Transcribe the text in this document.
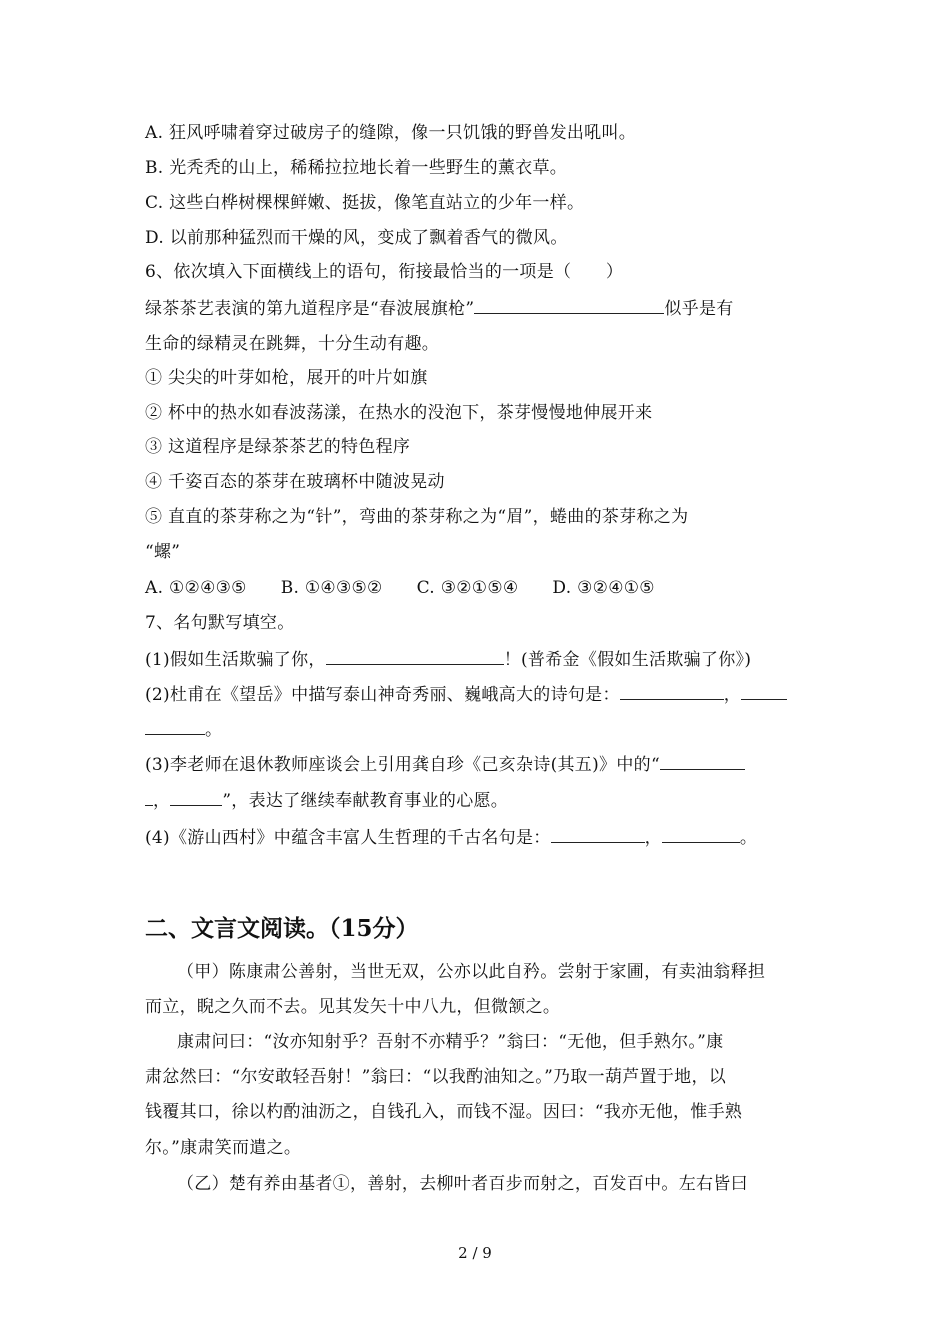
A. 狂风呼啸着穿过破房子的缝隙，像一只饥饿的野兽发出吼叫。
B. 光秃秃的山上，稀稀拉拉地长着一些野生的薰衣草。
C. 这些白桦树棵棵鲜嫩、挺拔，像笔直站立的少年一样。
D. 以前那种猛烈而干燥的风，变成了飘着香气的微风。
6、依次填入下面横线上的语句，衔接最恰当的一项是（　　）
绿茶茶艺表演的第九道程序是“春波展旗枪”	似乎是有
生命的绿精灵在跳舞，十分生动有趣。
① 尖尖的叶芽如枪，展开的叶片如旗
② 杯中的热水如春波荡漾，在热水的没泡下，茶芽慢慢地伸展开来
③ 这道程序是绿茶茶艺的特色程序
④ 千姿百态的茶芽在玻璃杯中随波晃动
⑤ 直直的茶芽称之为“针”，弯曲的茶芽称之为“眉”，蜷曲的茶芽称之为
“螺”
A. ①②④③⑤ B. ①④③⑤② C. ③②①⑤④ D. ③②④①⑤
7、名句默写填空。
(1)假如生活欺骗了你，	！(普希金《假如生活欺骗了你》)
(2)杜甫在《望岳》中描写泰山神奇秀丽、巍峨高大的诗句是：	，
。
(3)李老师在退休教师座谈会上引用龚自珍《己亥杂诗(其五)》中的“
，	”，表达了继续奉献教育事业的心愿。
(4)《游山西村》中蕴含丰富人生哲理的千古名句是：	，	。
二、文言文阅读。（15分）
（甲）陈康肃公善射，当世无双，公亦以此自矜。尝射于家圃，有卖油翁释担
而立，睨之久而不去。见其发矢十中八九，但微颔之。
康肃问曰：“汝亦知射乎？吾射不亦精乎？”翁曰：“无他，但手熟尔。”康
肃忿然曰：“尔安敢轻吾射！”翁曰：“以我酌油知之。”乃取一葫芦置于地，以
钱覆其口，徐以杓酌油沥之，自钱孔入，而钱不湿。因曰：“我亦无他，惟手熟
尔。”康肃笑而遣之。
（乙）楚有养由基者①，善射，去柳叶者百步而射之，百发百中。左右皆曰
2 / 9
